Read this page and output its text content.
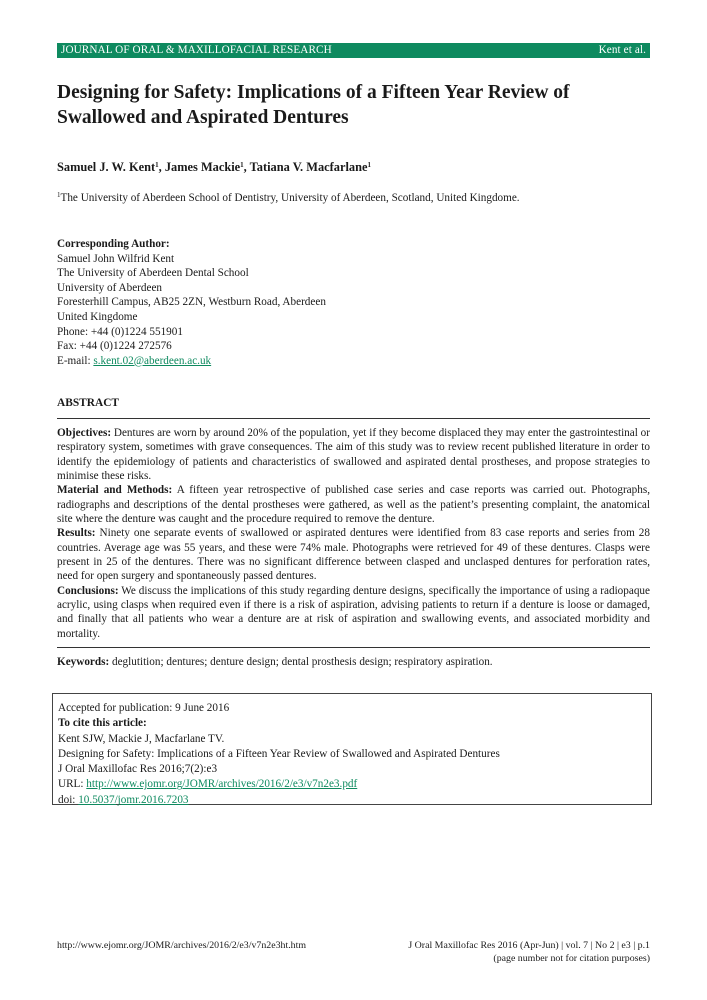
JOURNAL OF ORAL & MAXILLOFACIAL RESEARCH	Kent et al.
Designing for Safety: Implications of a Fifteen Year Review of Swallowed and Aspirated Dentures
Samuel J. W. Kent$^1$, James Mackie$^1$, Tatiana V. Macfarlane$^1$
$^1$The University of Aberdeen School of Dentistry, University of Aberdeen, Scotland, United Kingdome.
Corresponding Author:
Samuel John Wilfrid Kent
The University of Aberdeen Dental School
University of Aberdeen
Foresterhill Campus, AB25 2ZN, Westburn Road, Aberdeen
United Kingdome
Phone: +44 (0)1224 551901
Fax: +44 (0)1224 272576
E-mail: s.kent.02@aberdeen.ac.uk
ABSTRACT

Objectives: Dentures are worn by around 20% of the population, yet if they become displaced they may enter the gastrointestinal or respiratory system, sometimes with grave consequences. The aim of this study was to review recent published literature in order to identify the epidemiology of patients and characteristics of swallowed and aspirated dental prostheses, and propose strategies to minimise these risks.

Material and Methods: A fifteen year retrospective of published case series and case reports was carried out. Photographs, radiographs and descriptions of the dental prostheses were gathered, as well as the patient’s presenting complaint, the anatomical site where the denture was caught and the procedure required to remove the denture.

Results: Ninety one separate events of swallowed or aspirated dentures were identified from 83 case reports and series from 28 countries. Average age was 55 years, and these were 74% male. Photographs were retrieved for 49 of these dentures. Clasps were present in 25 of the dentures. There was no significant difference between clasped and unclasped dentures for perforation rates, need for open surgery and spontaneously passed dentures.

Conclusions: We discuss the implications of this study regarding denture designs, specifically the importance of using a radiopaque acrylic, using clasps when required even if there is a risk of aspiration, advising patients to return if a denture is loose or damaged, and finally that all patients who wear a denture are at risk of aspiration and swallowing events, and associated morbidity and mortality.

Keywords: deglutition; dentures; denture design; dental prosthesis design; respiratory aspiration.
Accepted for publication: 9 June 2016
To cite this article:
Kent SJW, Mackie J, Macfarlane TV.
Designing for Safety: Implications of a Fifteen Year Review of Swallowed and Aspirated Dentures
J Oral Maxillofac Res 2016;7(2):e3
URL: http://www.ejomr.org/JOMR/archives/2016/2/e3/v7n2e3.pdf
doi: 10.5037/jomr.2016.7203
http://www.ejomr.org/JOMR/archives/2016/2/e3/v7n2e3ht.htm	J Oral Maxillofac Res 2016 (Apr-Jun) | vol. 7 | No 2 | e3 | p.1
(page number not for citation purposes)
